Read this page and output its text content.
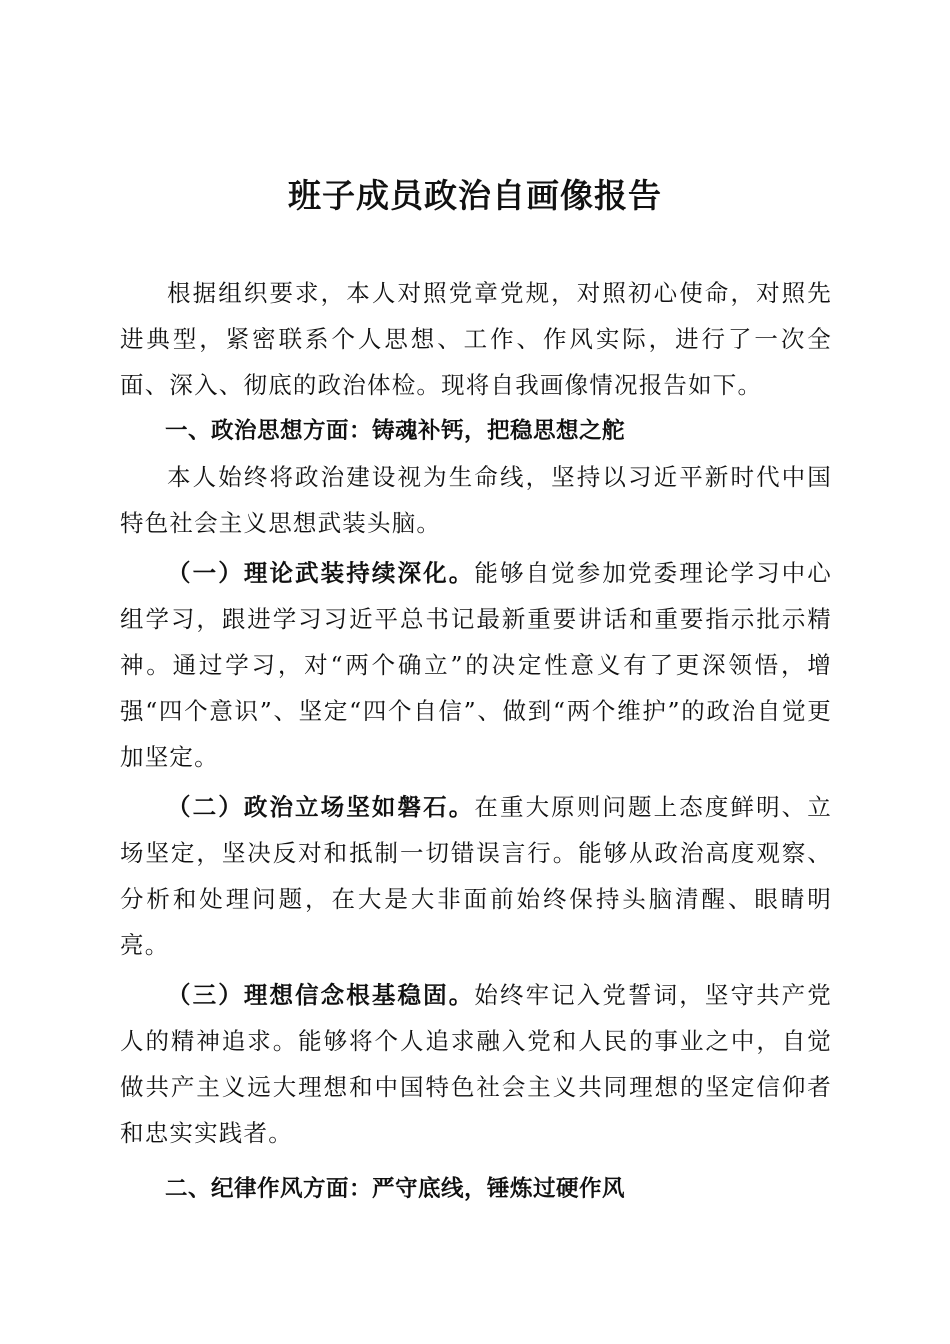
班子成员政治自画像报告

根据组织要求，本人对照党章党规，对照初心使命，对照先进典型，紧密联系个人思想、工作、作风实际，进行了一次全面、深入、彻底的政治体检。现将自我画像情况报告如下。

一、政治思想方面：铸魂补钙，把稳思想之舵

本人始终将政治建设视为生命线，坚持以习近平新时代中国特色社会主义思想武装头脑。

（一）理论武装持续深化。能够自觉参加党委理论学习中心组学习，跟进学习习近平总书记最新重要讲话和重要指示批示精神。通过学习，对“两个确立”的决定性意义有了更深领悟，增强“四个意识”、坚定“四个自信”、做到“两个维护”的政治自觉更加坚定。

（二）政治立场坚如磐石。在重大原则问题上态度鲜明、立场坚定，坚决反对和抵制一切错误言行。能够从政治高度观察、分析和处理问题，在大是大非面前始终保持头脑清醒、眼睛明亮。

（三）理想信念根基稳固。始终牢记入党誓词，坚守共产党人的精神追求。能够将个人追求融入党和人民的事业之中，自觉做共产主义远大理想和中国特色社会主义共同理想的坚定信仰者和忠实实践者。

二、纪律作风方面：严守底线，锤炼过硬作风
